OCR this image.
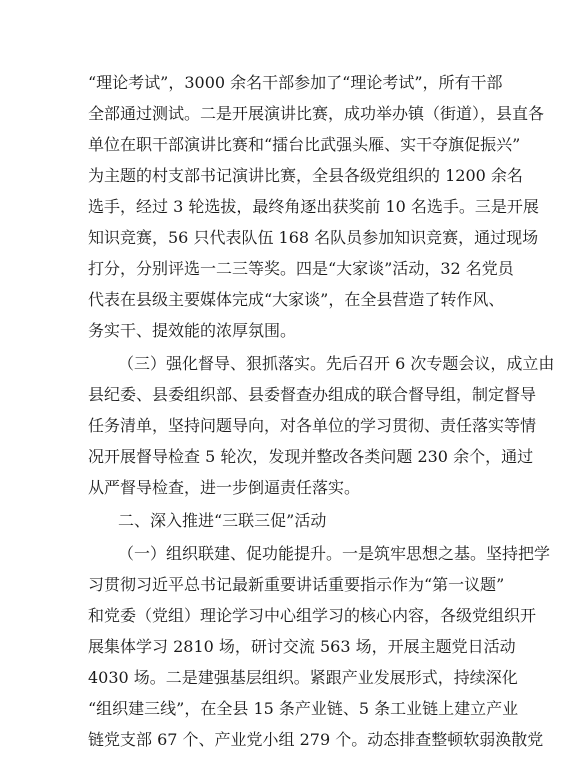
“理论考试”，3000 余名干部参加了“理论考试”，所有干部
全部通过测试。二是开展演讲比赛，成功举办镇（街道），县直各
单位在职干部演讲比赛和“擂台比武强头雁、实干夺旗促振兴”
为主题的村支部书记演讲比赛，全县各级党组织的 1200 余名
选手，经过 3 轮选拔，最终角逐出获奖前 10 名选手。三是开展
知识竞赛，56 只代表队伍 168 名队员参加知识竞赛，通过现场
打分，分别评选一二三等奖。四是“大家谈”活动，32 名党员
代表在县级主要媒体完成“大家谈”，在全县营造了转作风、
务实干、提效能的浓厚氛围。
（三）强化督导、狠抓落实。先后召开 6 次专题会议，成立由
县纪委、县委组织部、县委督查办组成的联合督导组，制定督导
任务清单，坚持问题导向，对各单位的学习贯彻、责任落实等情
况开展督导检查 5 轮次，发现并整改各类问题 230 余个，通过
从严督导检查，进一步倒逼责任落实。
二、深入推进“三联三促”活动
（一）组织联建、促功能提升。一是筑牢思想之基。坚持把学
习贯彻习近平总书记最新重要讲话重要指示作为“第一议题”
和党委（党组）理论学习中心组学习的核心内容，各级党组织开
展集体学习 2810 场，研讨交流 563 场，开展主题党日活动
4030 场。二是建强基层组织。紧跟产业发展形式，持续深化
“组织建三线”，在全县 15 条产业链、5 条工业链上建立产业
链党支部 67 个、产业党小组 279 个。动态排查整顿软弱涣散党
